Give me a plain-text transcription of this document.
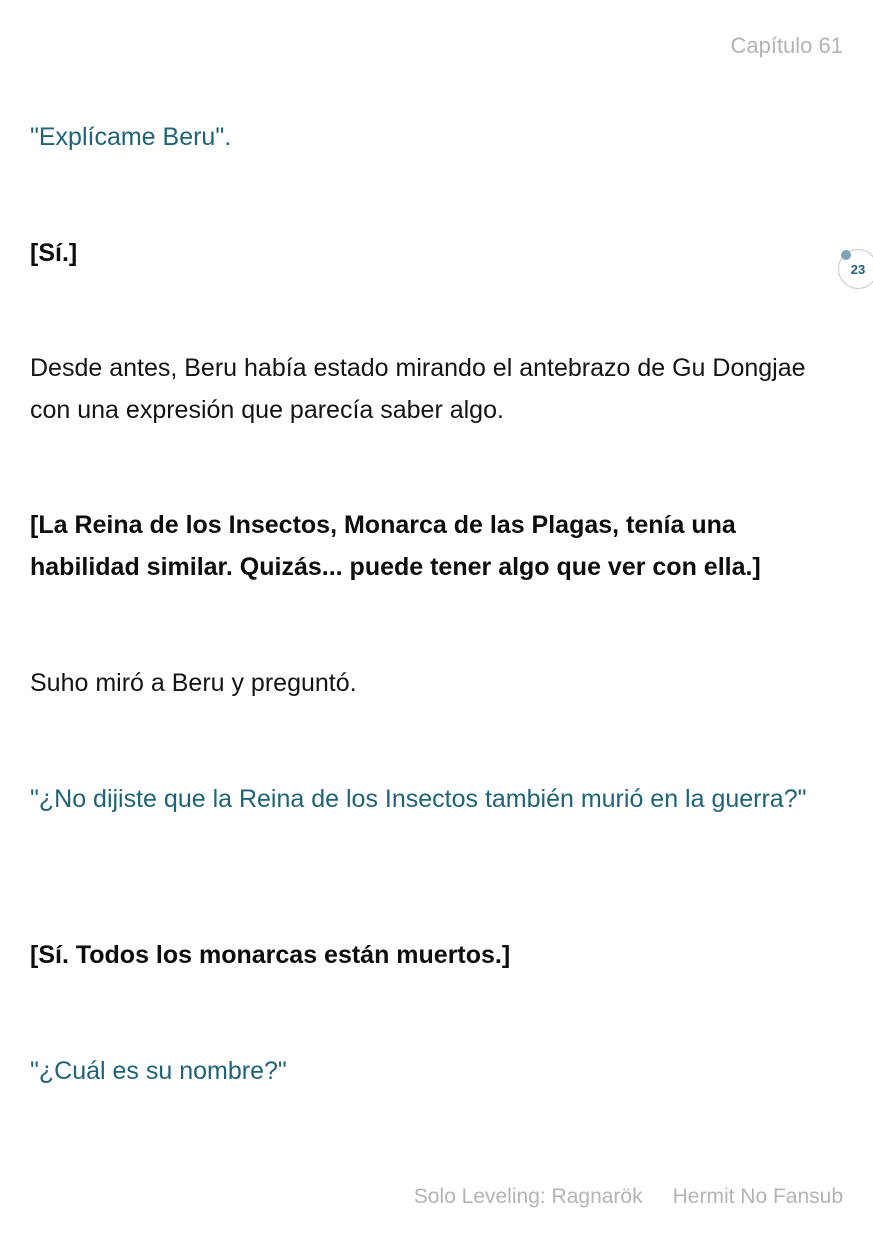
Capítulo 61

"Explícame Beru".

[Sí.]

23

Desde antes, Beru había estado mirando el antebrazo de Gu Dongjae con una expresión que parecía saber algo.

[La Reina de los Insectos, Monarca de las Plagas, tenía una habilidad similar. Quizás... puede tener algo que ver con ella.]

Suho miró a Beru y preguntó.

"¿No dijiste que la Reina de los Insectos también murió en la guerra?"

[Sí. Todos los monarcas están muertos.]

"¿Cuál es su nombre?"

Solo Leveling: Ragnarök Hermit No Fansub
